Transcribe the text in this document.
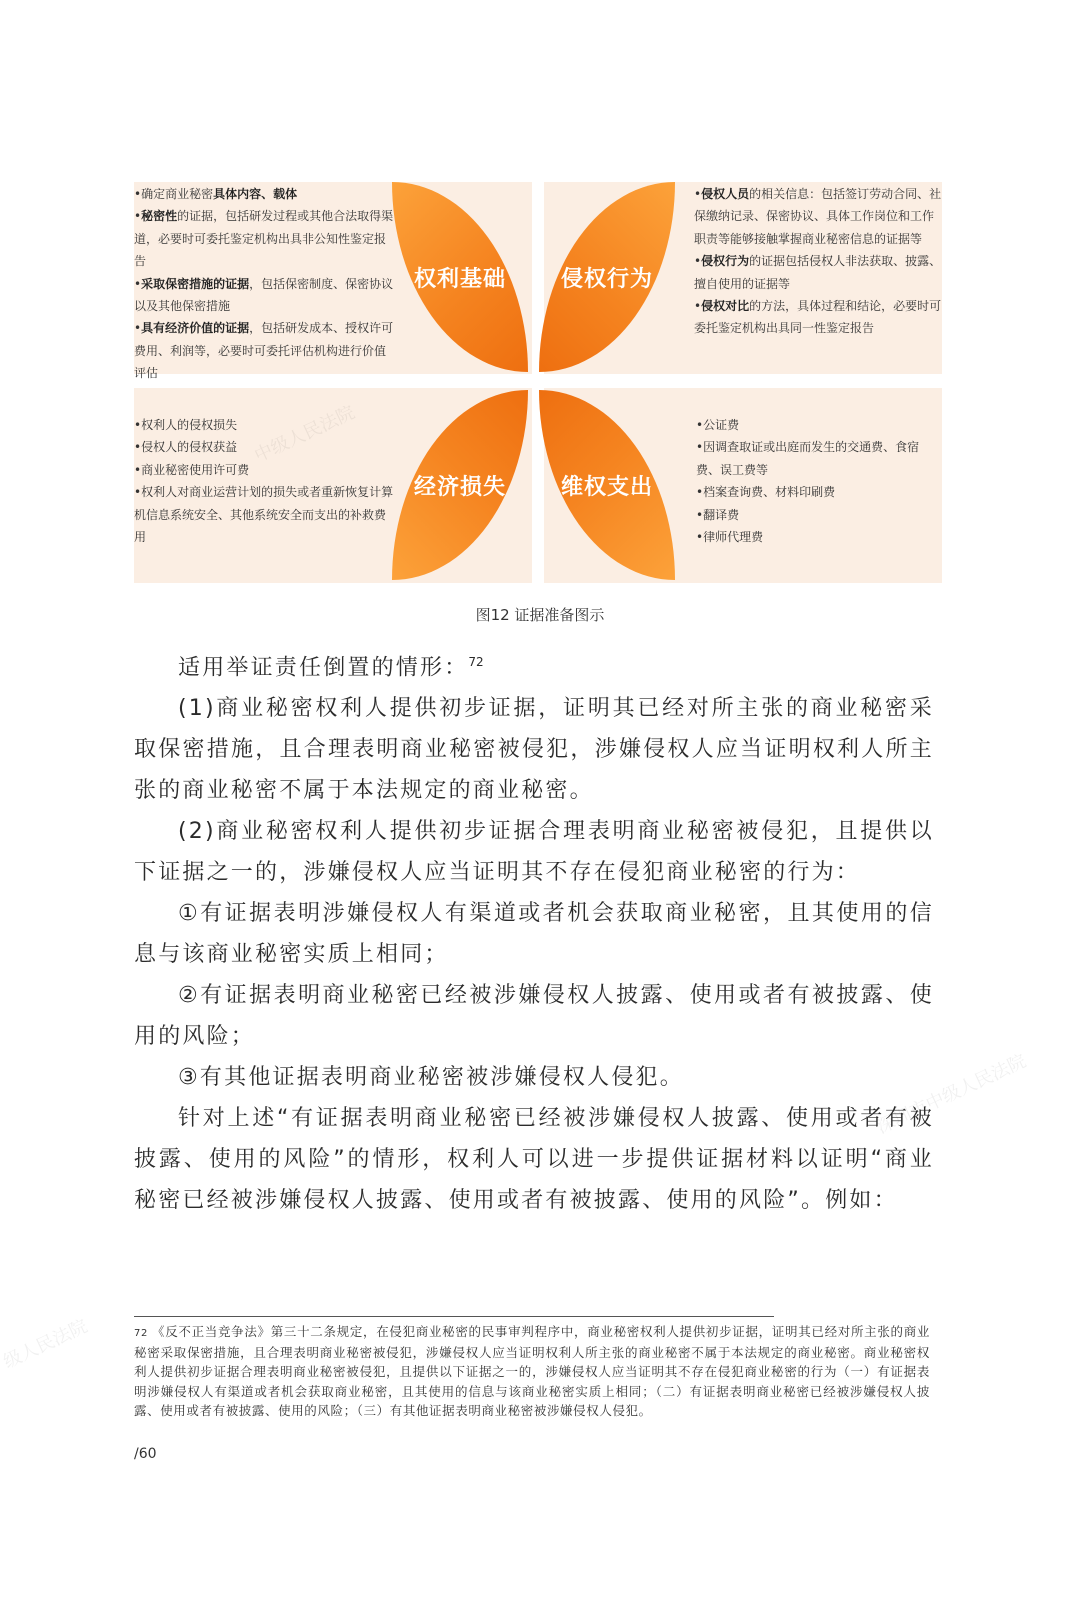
•确定商业秘密具体内容、载体
•秘密性的证据，包括研发过程或其他合法取得渠道，必要时可委托鉴定机构出具非公知性鉴定报告
•采取保密措施的证据，包括保密制度、保密协议以及其他保密措施
•具有经济价值的证据，包括研发成本、授权许可费用、利润等，必要时可委托评估机构进行价值评估
•侵权人员的相关信息：包括签订劳动合同、社保缴纳记录、保密协议、具体工作岗位和工作职责等能够接触掌握商业秘密信息的证据等
•侵权行为的证据包括侵权人非法获取、披露、擅自使用的证据等
•侵权对比的方法，具体过程和结论，必要时可委托鉴定机构出具同一性鉴定报告
•权利人的侵权损失
•侵权人的侵权获益
•商业秘密使用许可费
•权利人对商业运营计划的损失或者重新恢复计算机信息系统安全、其他系统安全而支出的补救费用
•公证费
•因调查取证或出庭而发生的交通费、食宿费、误工费等
•档案查询费、材料印刷费
•翻译费
•律师代理费
权利基础	侵权行为
经济损失	维权支出
图12 证据准备图示

适用举证责任倒置的情形：$^{72}$

(1)商业秘密权利人提供初步证据，证明其已经对所主张的商业秘密采取保密措施，且合理表明商业秘密被侵犯，涉嫌侵权人应当证明权利人所主张的商业秘密不属于本法规定的商业秘密。

(2)商业秘密权利人提供初步证据合理表明商业秘密被侵犯，且提供以下证据之一的，涉嫌侵权人应当证明其不存在侵犯商业秘密的行为：

①有证据表明涉嫌侵权人有渠道或者机会获取商业秘密，且其使用的信息与该商业秘密实质上相同；

②有证据表明商业秘密已经被涉嫌侵权人披露、使用或者有被披露、使用的风险；

③有其他证据表明商业秘密被涉嫌侵权人侵犯。

针对上述“有证据表明商业秘密已经被涉嫌侵权人披露、使用或者有被披露、使用的风险”的情形，权利人可以进一步提供证据材料以证明“商业秘密已经被涉嫌侵权人披露、使用或者有被披露、使用的风险”。例如：

72 《反不正当竞争法》第三十二条规定，在侵犯商业秘密的民事审判程序中，商业秘密权利人提供初步证据，证明其已经对所主张的商业秘密采取保密措施，且合理表明商业秘密被侵犯，涉嫌侵权人应当证明权利人所主张的商业秘密不属于本法规定的商业秘密。商业秘密权利人提供初步证据合理表明商业秘密被侵犯，且提供以下证据之一的，涉嫌侵权人应当证明其不存在侵犯商业秘密的行为（一）有证据表明涉嫌侵权人有渠道或者机会获取商业秘密，且其使用的信息与该商业秘密实质上相同；（二）有证据表明商业秘密已经被涉嫌侵权人披露、使用或者有被披露、使用的风险；（三）有其他证据表明商业秘密被涉嫌侵权人侵犯。
/60
中级人民法院
深圳市中级人民法院
级人民法院
